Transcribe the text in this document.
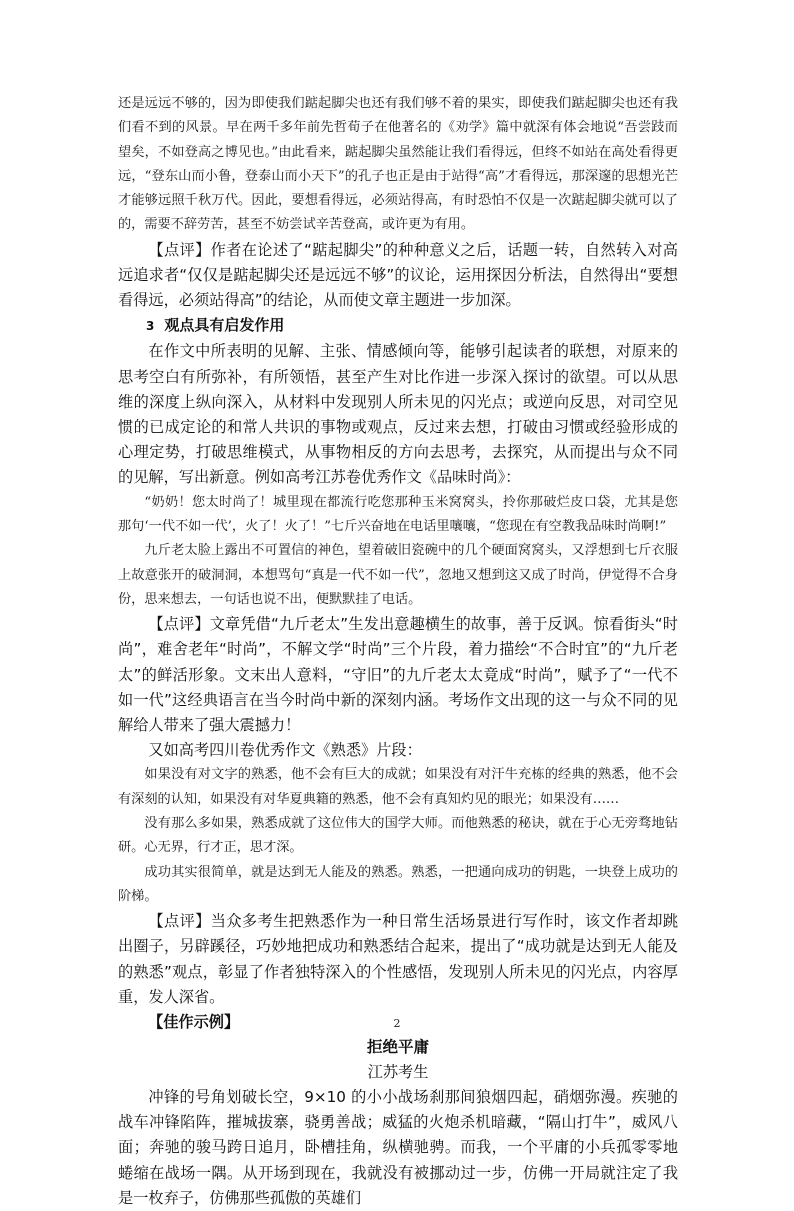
还是远远不够的，因为即使我们踮起脚尖也还有我们够不着的果实，即使我们踮起脚尖也还有我们看不到的风景。早在两千多年前先哲荀子在他著名的《劝学》篇中就深有体会地说“吾尝跂而望矣，不如登高之博见也。”由此看来，踮起脚尖虽然能让我们看得远，但终不如站在高处看得更远，“登东山而小鲁，登泰山而小天下”的孔子也正是由于站得“高”才看得远，那深邃的思想光芒才能够远照千秋万代。因此，要想看得远，必须站得高，有时恐怕不仅是一次踮起脚尖就可以了的，需要不辞劳苦，甚至不妨尝试辛苦登高，或许更为有用。

【点评】作者在论述了“踮起脚尖”的种种意义之后，话题一转，自然转入对高远追求者“仅仅是踮起脚尖还是远远不够”的议论，运用探因分析法，自然得出“要想看得远，必须站得高”的结论，从而使文章主题进一步加深。

3 观点具有启发作用

在作文中所表明的见解、主张、情感倾向等，能够引起读者的联想，对原来的思考空白有所弥补，有所领悟，甚至产生对比作进一步深入探讨的欲望。可以从思维的深度上纵向深入，从材料中发现别人所未见的闪光点；或逆向反思，对司空见惯的已成定论的和常人共识的事物或观点，反过来去想，打破由习惯或经验形成的心理定势，打破思维模式，从事物相反的方向去思考，去探究，从而提出与众不同的见解，写出新意。例如高考江苏卷优秀作文《品味时尚》：

“奶奶！您太时尚了！城里现在都流行吃您那种玉米窝窝头，拎你那破烂皮口袋，尤其是您那句‘一代不如一代’，火了！火了！”七斤兴奋地在电话里嚷嚷，“您现在有空教我品味时尚啊!”

九斤老太脸上露出不可置信的神色，望着破旧瓷碗中的几个硬面窝窝头，又浮想到七斤衣服上故意张开的破洞洞，本想骂句“真是一代不如一代”，忽地又想到这又成了时尚，伊觉得不合身份，思来想去，一句话也说不出，便默默挂了电话。

【点评】文章凭借“九斤老太”生发出意趣横生的故事，善于反讽。惊看街头“时尚”，难舍老年“时尚”，不解文学“时尚”三个片段，着力描绘“不合时宜”的“九斤老太”的鲜活形象。文末出人意料，“守旧”的九斤老太太竟成“时尚”，赋予了“一代不如一代”这经典语言在当今时尚中新的深刻内涵。考场作文出现的这一与众不同的见解给人带来了强大震撼力！

又如高考四川卷优秀作文《熟悉》片段：

如果没有对文字的熟悉，他不会有巨大的成就；如果没有对汗牛充栋的经典的熟悉，他不会有深刻的认知，如果没有对华夏典籍的熟悉，他不会有真知灼见的眼光；如果没有……

没有那么多如果，熟悉成就了这位伟大的国学大师。而他熟悉的秘诀，就在于心无旁骛地钻研。心无界，行才正，思才深。

成功其实很简单，就是达到无人能及的熟悉。熟悉，一把通向成功的钥匙，一块登上成功的阶梯。

【点评】当众多考生把熟悉作为一种日常生活场景进行写作时，该文作者却跳出圈子，另辟蹊径，巧妙地把成功和熟悉结合起来，提出了“成功就是达到无人能及的熟悉”观点，彰显了作者独特深入的个性感悟，发现别人所未见的闪光点，内容厚重，发人深省。

【佳作示例】

拒绝平庸

江苏考生

冲锋的号角划破长空，9×10 的小小战场刹那间狼烟四起，硝烟弥漫。疾驰的战车冲锋陷阵，摧城拔寨，骁勇善战；威猛的火炮杀机暗藏，“隔山打牛”，威风八面；奔驰的骏马跨日追月，卧槽挂角，纵横驰骋。而我，一个平庸的小兵孤零零地蜷缩在战场一隅。从开场到现在，我就没有被挪动过一步，仿佛一开局就注定了我是一枚弃子，仿佛那些孤傲的英雄们

2
